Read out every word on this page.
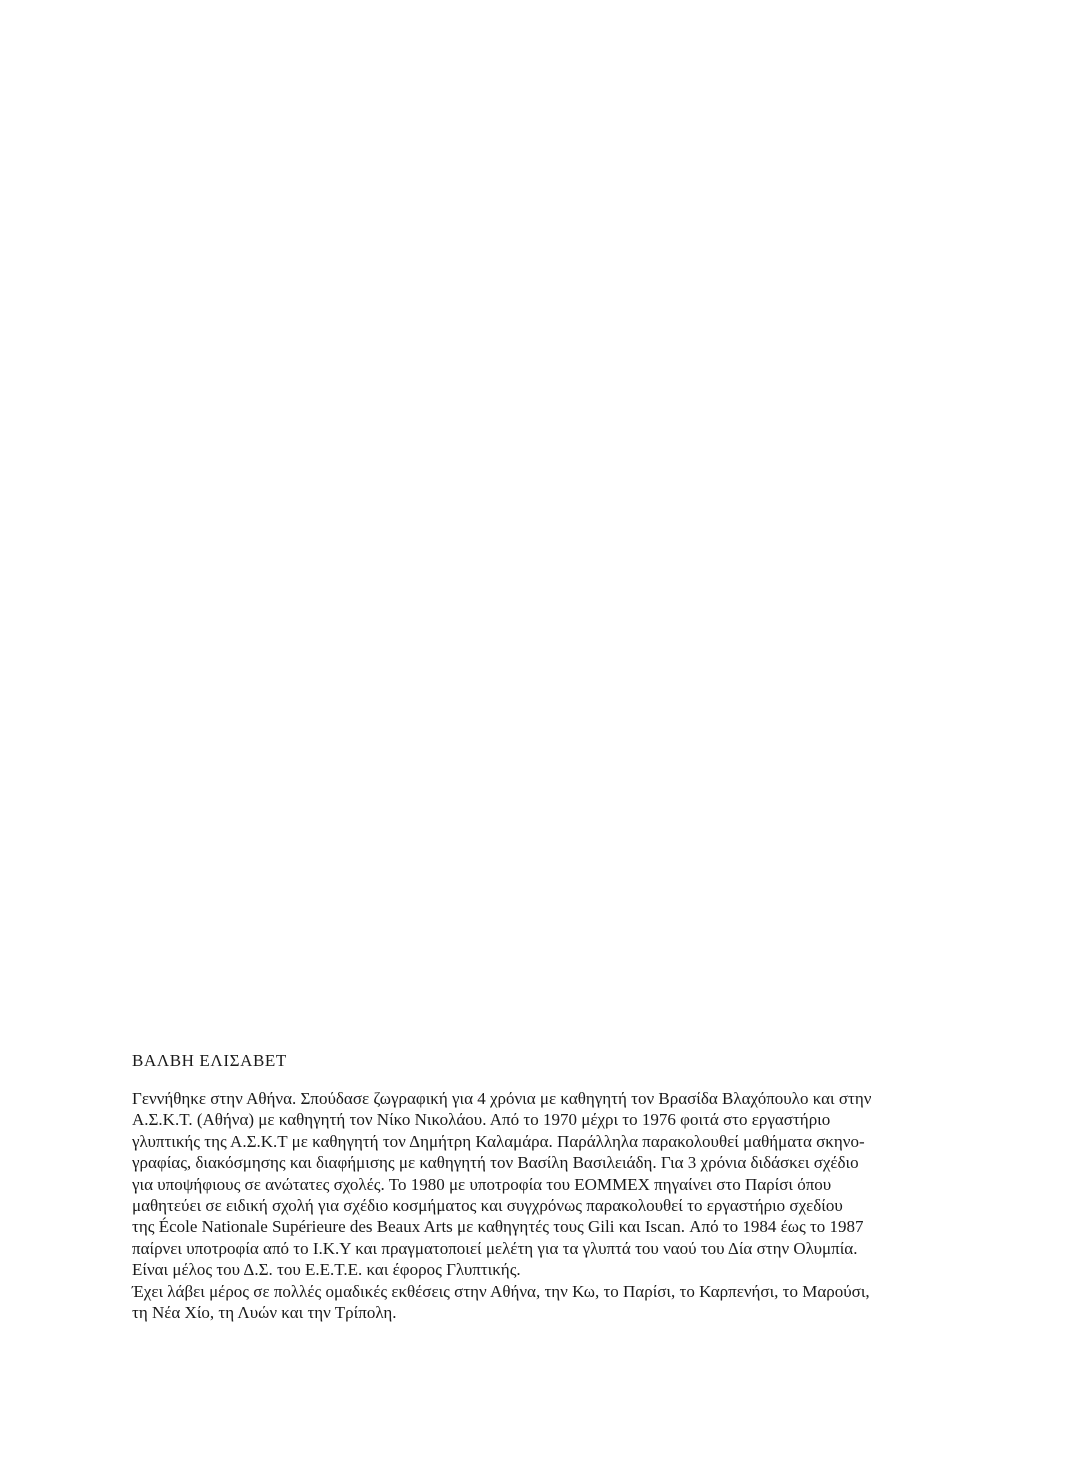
ΒΑΛΒΗ ΕΛΙΣΑΒΕΤ

Γεννήθηκε στην Αθήνα. Σπούδασε ζωγραφική για 4 χρόνια με καθηγητή τον Βρασίδα Βλαχόπουλο και στην
Α.Σ.Κ.Τ. (Αθήνα) με καθηγητή τον Νίκο Νικολάου. Από το 1970 μέχρι το 1976 φοιτά στο εργαστήριο
γλυπτικής της Α.Σ.Κ.Τ με καθηγητή τον Δημήτρη Καλαμάρα. Παράλληλα παρακολουθεί μαθήματα σκηνο-
γραφίας, διακόσμησης και διαφήμισης με καθηγητή τον Βασίλη Βασιλειάδη. Για 3 χρόνια διδάσκει σχέδιο
για υποψήφιους σε ανώτατες σχολές. Το 1980 με υποτροφία του ΕΟΜΜΕΧ πηγαίνει στο Παρίσι όπου
μαθητεύει σε ειδική σχολή για σχέδιο κοσμήματος και συγχρόνως παρακολουθεί το εργαστήριο σχεδίου
της École Nationale Supérieure des Beaux Arts με καθηγητές τους Gili και Iscan. Από το 1984 έως το 1987
παίρνει υποτροφία από το Ι.Κ.Υ και πραγματοποιεί μελέτη για τα γλυπτά του ναού του Δία στην Ολυμπία.
Είναι μέλος του Δ.Σ. του Ε.Ε.Τ.Ε. και έφορος Γλυπτικής.
Έχει λάβει μέρος σε πολλές ομαδικές εκθέσεις στην Αθήνα, την Κω, το Παρίσι, το Καρπενήσι, το Μαρούσι,
τη Νέα Χίο, τη Λυών και την Τρίπολη.
